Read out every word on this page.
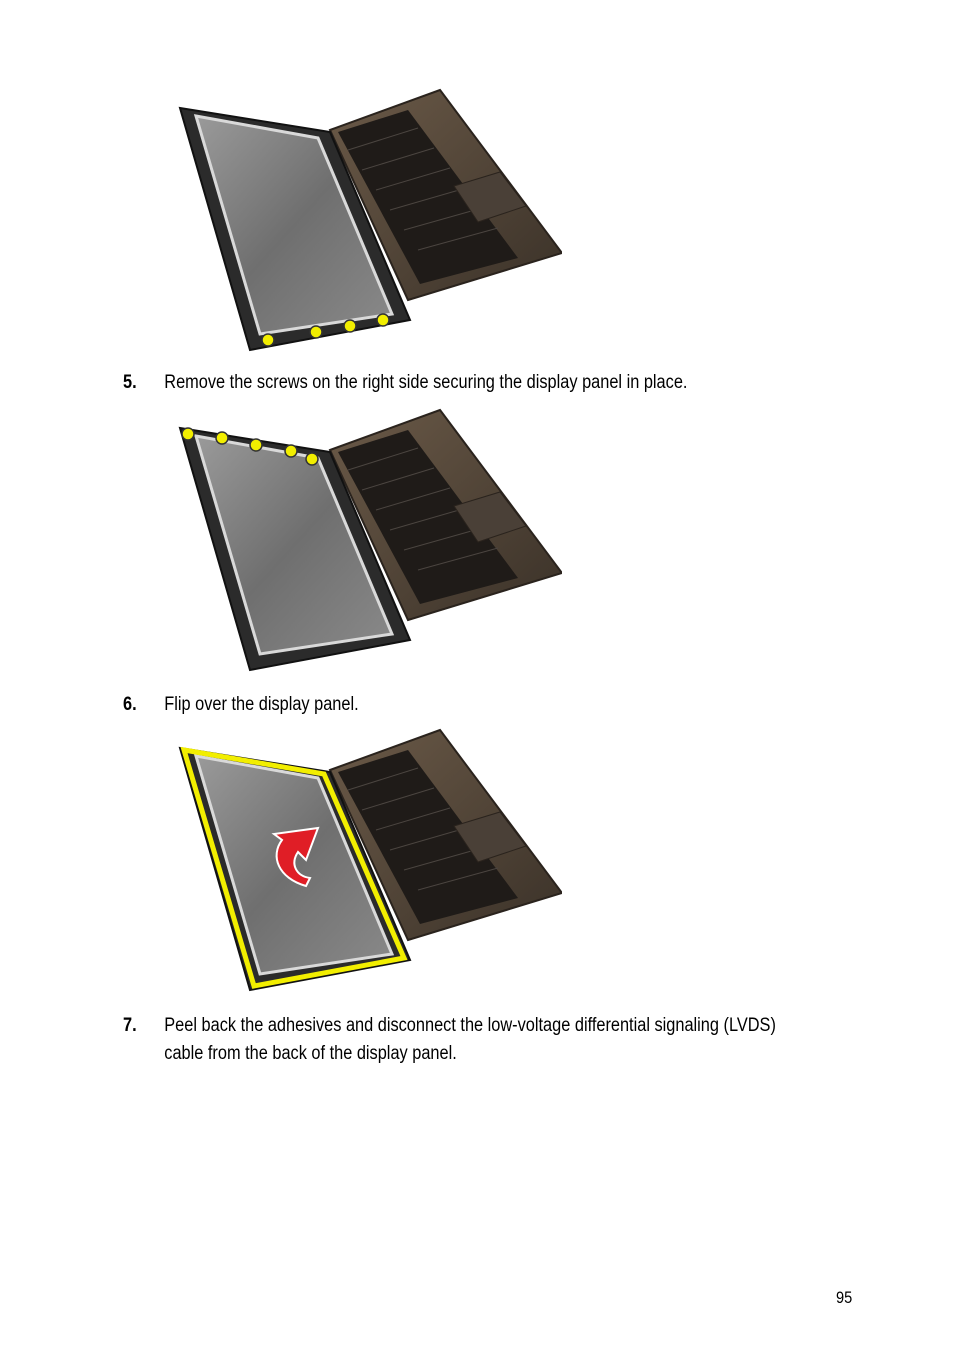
5. Remove the screws on the right side securing the display panel in place.
6. Flip over the display panel.
7. Peel back the adhesives and disconnect the low-voltage differential signaling (LVDS) cable from the back of the display panel.
95
